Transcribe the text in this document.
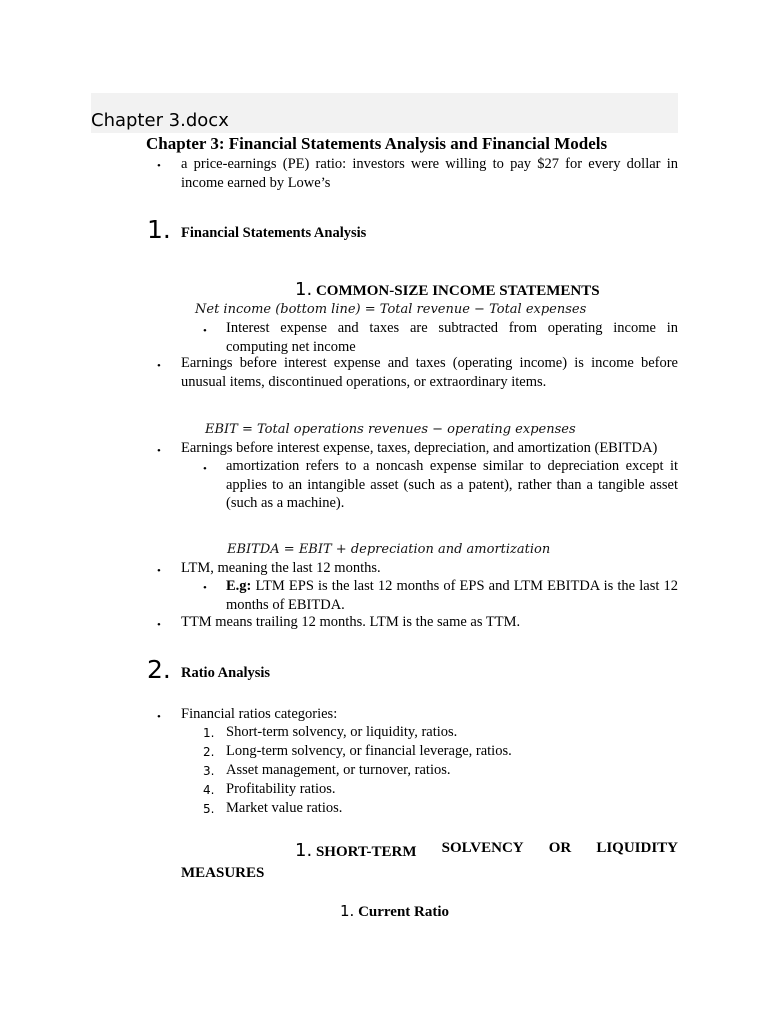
Chapter 3.docx
Chapter 3: Financial Statements Analysis and Financial Models
• a price-earnings (PE) ratio: investors were willing to pay $27 for every dollar in income earned by Lowe’s
1. Financial Statements Analysis
1. COMMON-SIZE INCOME STATEMENTS
Net income (bottom line) = Total revenue − Total expenses
• Interest expense and taxes are subtracted from operating income in computing net income
• Earnings before interest expense and taxes (operating income) is income before unusual items, discontinued operations, or extraordinary items.
EBIT = Total operations revenues − operating expenses
• Earnings before interest expense, taxes, depreciation, and amortization (EBITDA)
• amortization refers to a noncash expense similar to depreciation except it applies to an intangible asset (such as a patent), rather than a tangible asset (such as a machine).
EBITDA = EBIT + depreciation and amortization
• LTM, meaning the last 12 months.
• E.g: LTM EPS is the last 12 months of EPS and LTM EBITDA is the last 12 months of EBITDA.
• TTM means trailing 12 months. LTM is the same as TTM.
2. Ratio Analysis
• Financial ratios categories:
1. Short-term solvency, or liquidity, ratios.
2. Long-term solvency, or financial leverage, ratios.
3. Asset management, or turnover, ratios.
4. Profitability ratios.
5. Market value ratios.
1. SHORT-TERM SOLVENCY OR LIQUIDITY
MEASURES
1. Current Ratio
